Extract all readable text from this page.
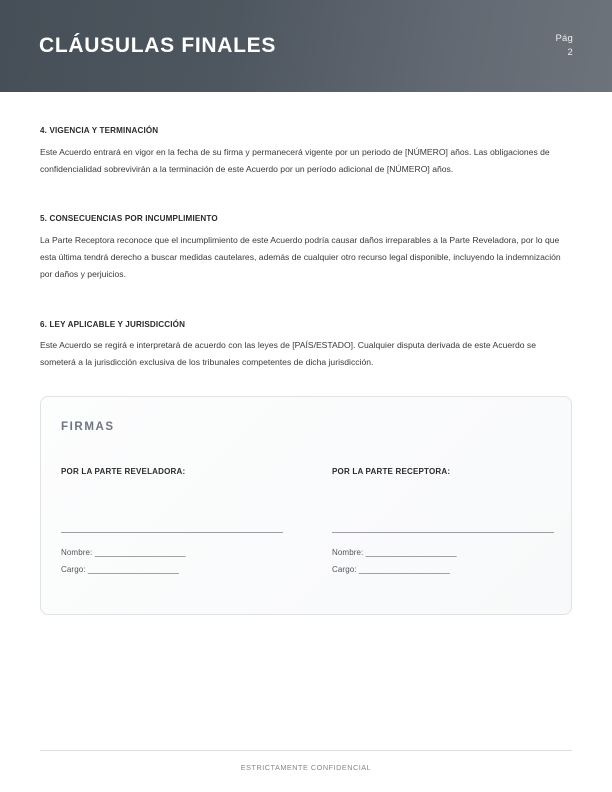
CLÁUSULAS FINALES	Pág
2

4. VIGENCIA Y TERMINACIÓN

Este Acuerdo entrará en vigor en la fecha de su firma y permanecerá vigente por un periodo de [NÚMERO] años. Las obligaciones de confidencialidad sobrevivirán a la terminación de este Acuerdo por un período adicional de [NÚMERO] años.

5. CONSECUENCIAS POR INCUMPLIMIENTO

La Parte Receptora reconoce que el incumplimiento de este Acuerdo podría causar daños irreparables a la Parte Reveladora, por lo que esta última tendrá derecho a buscar medidas cautelares, además de cualquier otro recurso legal disponible, incluyendo la indemnización por daños y perjuicios.

6. LEY APLICABLE Y JURISDICCIÓN

Este Acuerdo se regirá e interpretará de acuerdo con las leyes de [PAÍS/ESTADO]. Cualquier disputa derivada de este Acuerdo se someterá a la jurisdicción exclusiva de los tribunales competentes de dicha jurisdicción.

FIRMAS

POR LA PARTE REVELADORA:

Nombre: ____________________
Cargo: ____________________

POR LA PARTE RECEPTORA:

Nombre: ____________________
Cargo: ____________________

ESTRICTAMENTE CONFIDENCIAL
